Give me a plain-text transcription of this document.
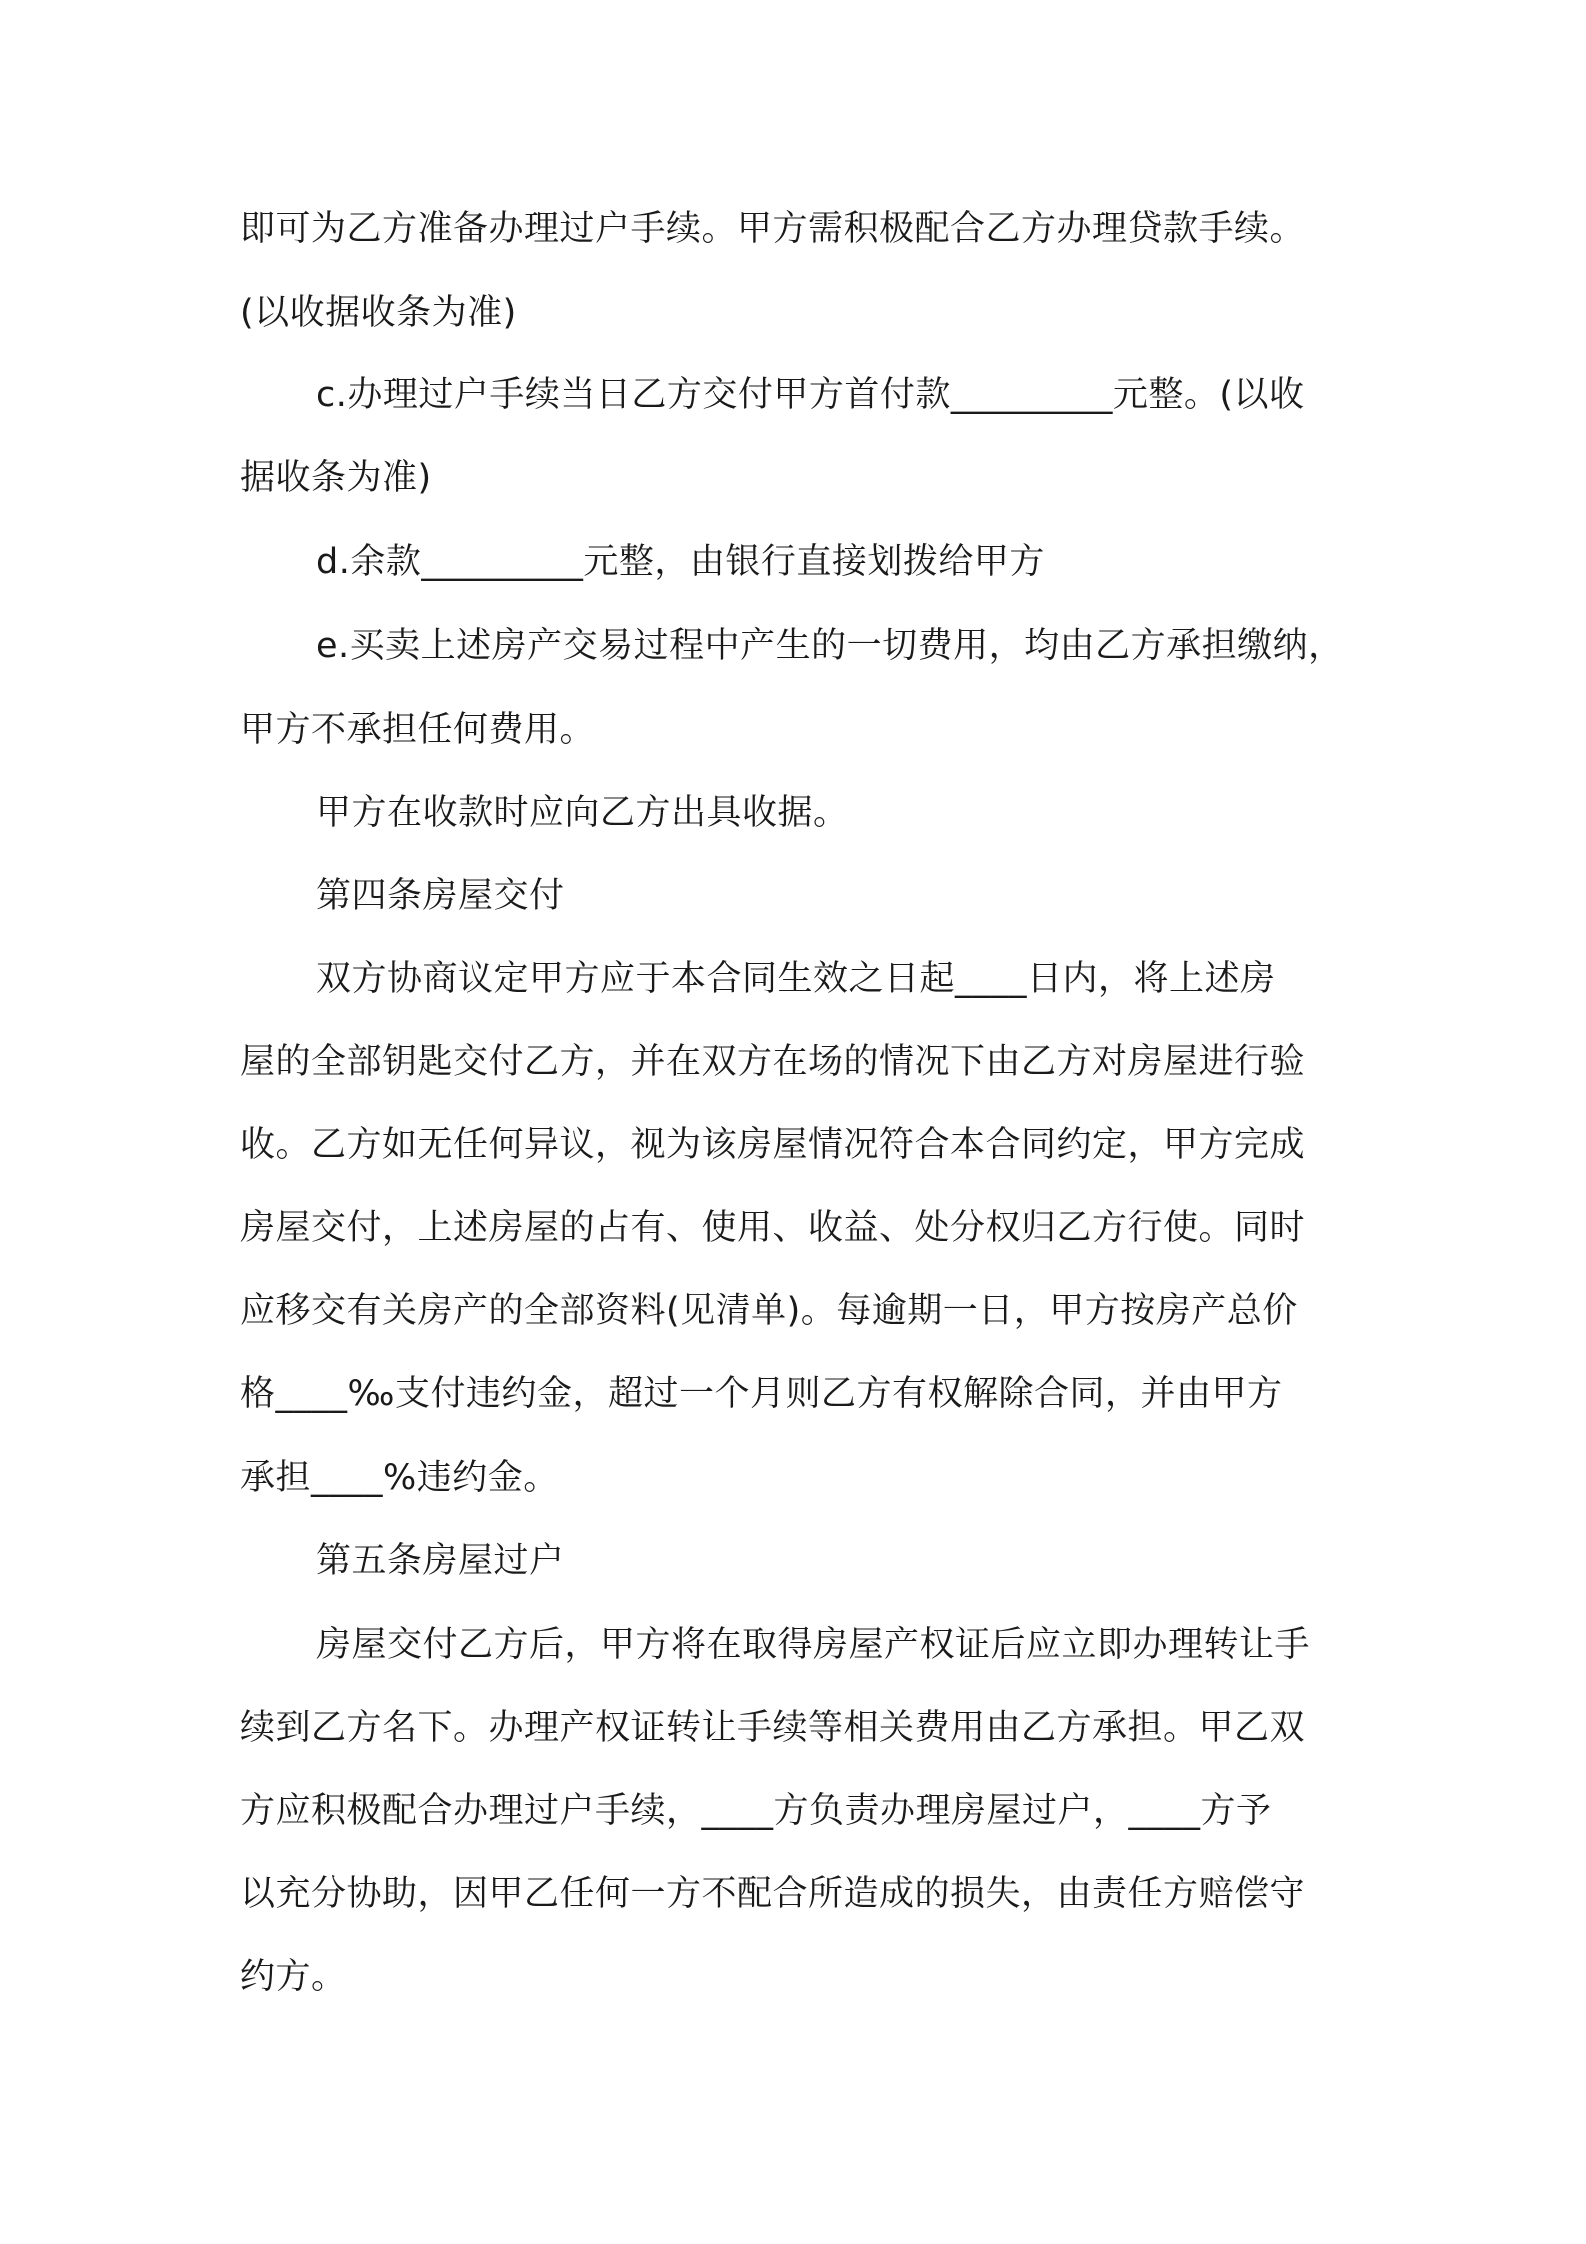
即可为乙方准备办理过户手续。甲方需积极配合乙方办理贷款手续。
(以收据收条为准)
c.办理过户手续当日乙方交付甲方首付款_________元整。(以收
据收条为准)
d.余款_________元整，由银行直接划拨给甲方
e.买卖上述房产交易过程中产生的一切费用，均由乙方承担缴纳，
甲方不承担任何费用。
甲方在收款时应向乙方出具收据。
第四条房屋交付
双方协商议定甲方应于本合同生效之日起____日内，将上述房
屋的全部钥匙交付乙方，并在双方在场的情况下由乙方对房屋进行验
收。乙方如无任何异议，视为该房屋情况符合本合同约定，甲方完成
房屋交付，上述房屋的占有、使用、收益、处分权归乙方行使。同时
应移交有关房产的全部资料(见清单)。每逾期一日，甲方按房产总价
格____‰支付违约金，超过一个月则乙方有权解除合同，并由甲方
承担____%违约金。
第五条房屋过户
房屋交付乙方后，甲方将在取得房屋产权证后应立即办理转让手
续到乙方名下。办理产权证转让手续等相关费用由乙方承担。甲乙双
方应积极配合办理过户手续，____方负责办理房屋过户，____方予
以充分协助，因甲乙任何一方不配合所造成的损失，由责任方赔偿守
约方。
